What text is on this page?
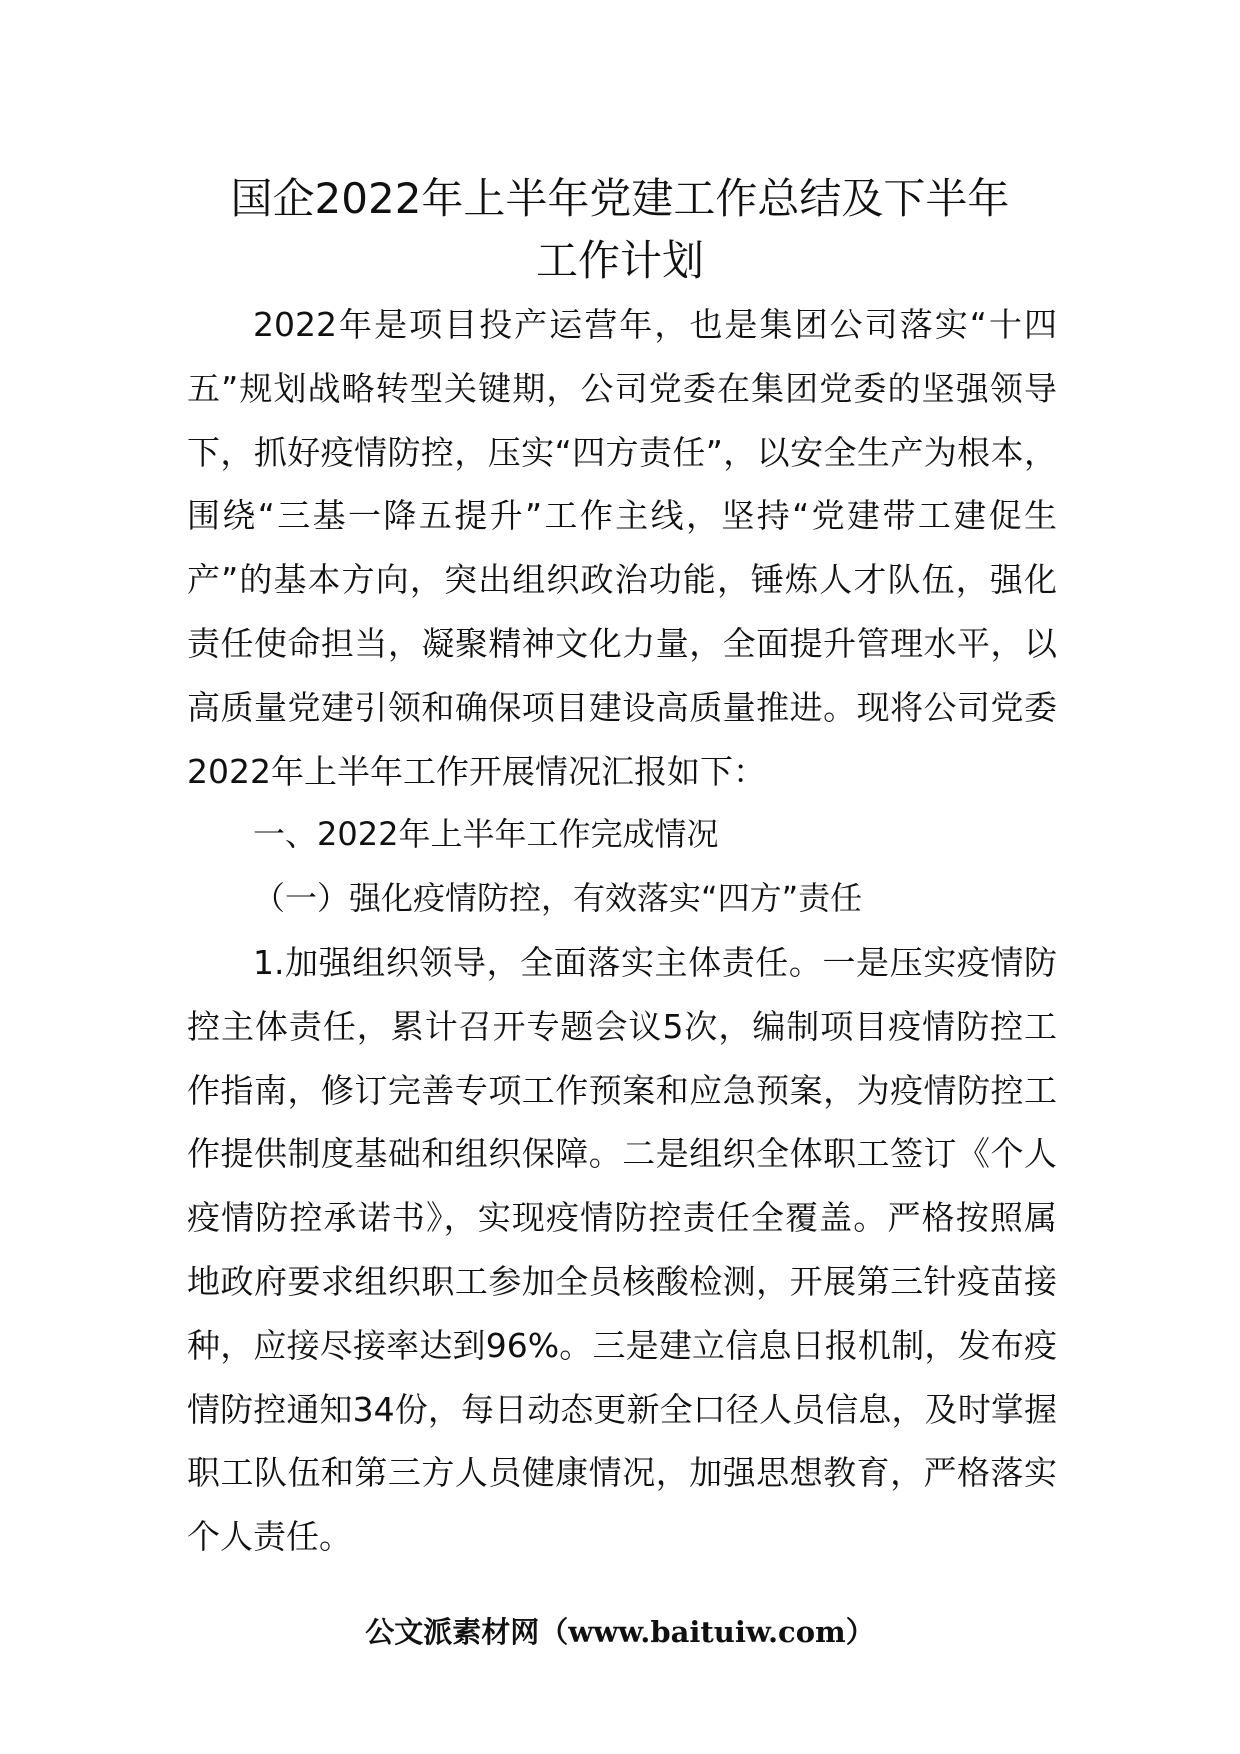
国企2022年上半年党建工作总结及下半年
工作计划

2022年是项目投产运营年，也是集团公司落实“十四五”规划战略转型关键期，公司党委在集团党委的坚强领导下，抓好疫情防控，压实“四方责任”，以安全生产为根本，围绕“三基一降五提升”工作主线，坚持“党建带工建促生产”的基本方向，突出组织政治功能，锤炼人才队伍，强化责任使命担当，凝聚精神文化力量，全面提升管理水平，以高质量党建引领和确保项目建设高质量推进。现将公司党委2022年上半年工作开展情况汇报如下：

一、2022年上半年工作完成情况

（一）强化疫情防控，有效落实“四方”责任

1.加强组织领导，全面落实主体责任。一是压实疫情防控主体责任，累计召开专题会议5次，编制项目疫情防控工作指南，修订完善专项工作预案和应急预案，为疫情防控工作提供制度基础和组织保障。二是组织全体职工签订《个人疫情防控承诺书》，实现疫情防控责任全覆盖。严格按照属地政府要求组织职工参加全员核酸检测，开展第三针疫苗接种，应接尽接率达到96%。三是建立信息日报机制，发布疫情防控通知34份，每日动态更新全口径人员信息，及时掌握职工队伍和第三方人员健康情况，加强思想教育，严格落实个人责任。

公文派素材网（www.baituiw.com）
